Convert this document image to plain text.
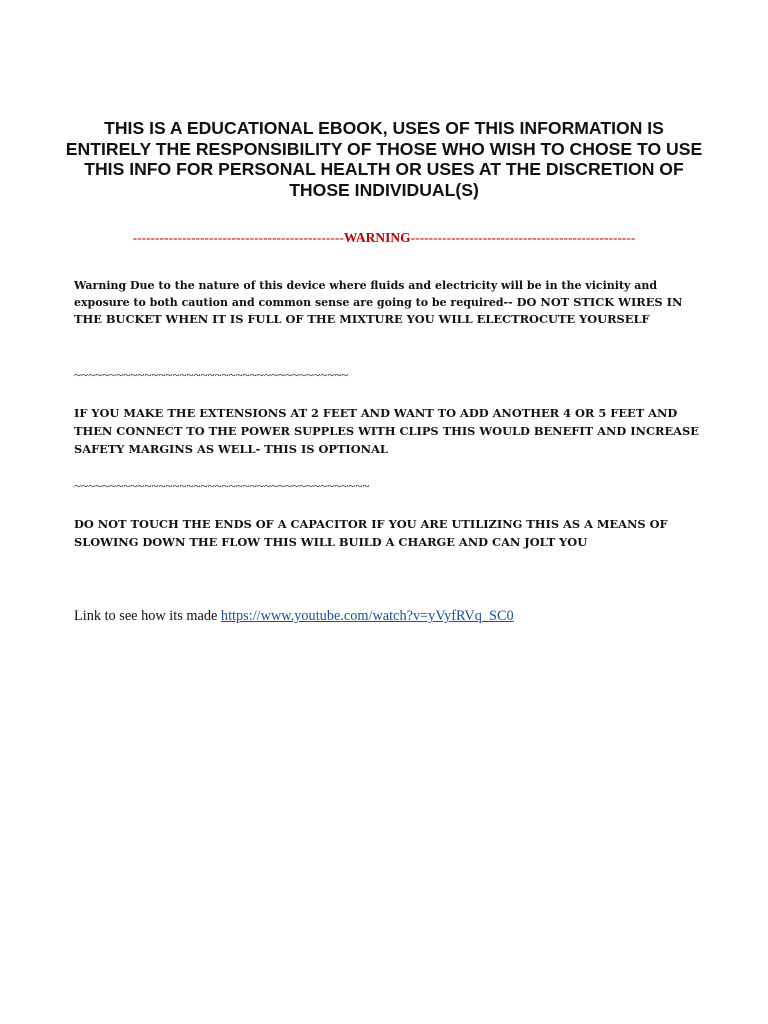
THIS IS A EDUCATIONAL EBOOK, USES OF THIS INFORMATION IS ENTIRELY THE RESPONSIBILITY OF THOSE WHO WISH TO CHOSE TO USE THIS INFO FOR PERSONAL HEALTH OR USES AT THE DISCRETION OF THOSE INDIVIDUAL(S)

-----------------------------------------------WARNING--------------------------------------------------

Warning Due to the nature of this device where fluids and electricity will be in the vicinity and exposure to both caution and common sense are going to be required-- DO NOT STICK WIRES IN THE BUCKET WHEN IT IS FULL OF THE MIXTURE YOU WILL ELECTROCUTE YOURSELF

~~~~~~~~~~~~~~~~~~~~~~~~~~~~~~~~~~~~~~~

IF YOU MAKE THE EXTENSIONS AT 2 FEET AND WANT TO ADD ANOTHER 4 OR 5 FEET AND THEN CONNECT TO THE POWER SUPPLES WITH CLIPS THIS WOULD BENEFIT AND INCREASE SAFETY MARGINS AS WELL- THIS IS OPTIONAL

~~~~~~~~~~~~~~~~~~~~~~~~~~~~~~~~~~~~~~~~~~

DO NOT TOUCH THE ENDS OF A CAPACITOR IF YOU ARE UTILIZING THIS AS A MEANS OF SLOWING DOWN THE FLOW THIS WILL BUILD A CHARGE AND CAN JOLT YOU

Link to see how its made https://www.youtube.com/watch?v=yVyfRVq_SC0
